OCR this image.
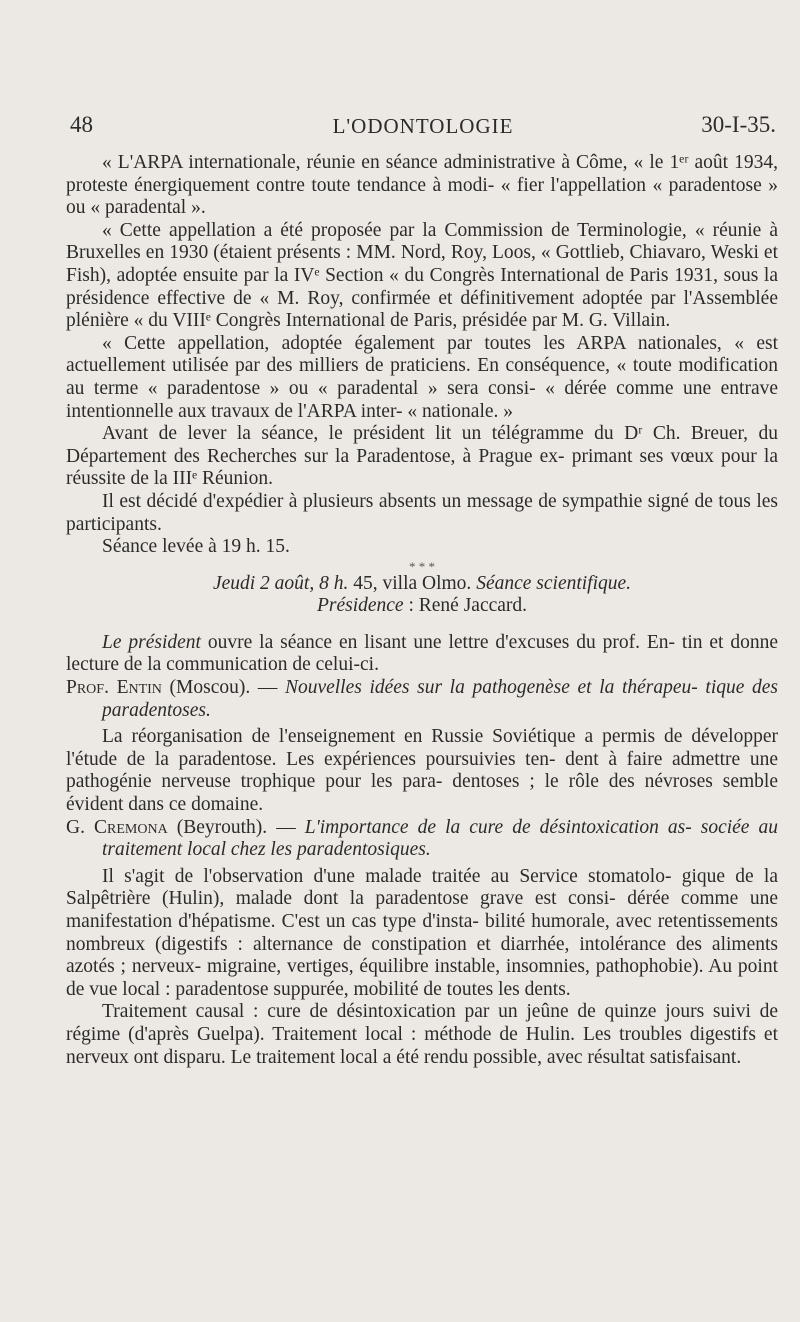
48	L'ODONTOLOGIE	30-I-35.

« L'ARPA internationale, réunie en séance administrative à Côme, « le 1ᵉʳ août 1934, proteste énergiquement contre toute tendance à modi- « fier l'appellation « paradentose » ou « paradental ».

« Cette appellation a été proposée par la Commission de Terminologie, « réunie à Bruxelles en 1930 (étaient présents : MM. Nord, Roy, Loos, « Gottlieb, Chiavaro, Weski et Fish), adoptée ensuite par la IVᵉ Section « du Congrès International de Paris 1931, sous la présidence effective de « M. Roy, confirmée et définitivement adoptée par l'Assemblée plénière « du VIIIᵉ Congrès International de Paris, présidée par M. G. Villain.

« Cette appellation, adoptée également par toutes les ARPA nationales, « est actuellement utilisée par des milliers de praticiens. En conséquence, « toute modification au terme « paradentose » ou « paradental » sera consi- « dérée comme une entrave intentionnelle aux travaux de l'ARPA inter- « nationale. »

Avant de lever la séance, le président lit un télégramme du Dʳ Ch. Breuer, du Département des Recherches sur la Paradentose, à Prague ex- primant ses vœux pour la réussite de la IIIᵉ Réunion.

Il est décidé d'expédier à plusieurs absents un message de sympathie signé de tous les participants.

Séance levée à 19 h. 15.

* * *

Jeudi 2 août, 8 h. 45, villa Olmo. Séance scientifique.

Présidence : René Jaccard.

Le président ouvre la séance en lisant une lettre d'excuses du prof. En- tin et donne lecture de la communication de celui-ci.

Prof. Entin (Moscou). — Nouvelles idées sur la pathogenèse et la thérapeu- tique des paradentoses.

La réorganisation de l'enseignement en Russie Soviétique a permis de développer l'étude de la paradentose. Les expériences poursuivies ten- dent à faire admettre une pathogénie nerveuse trophique pour les para- dentoses ; le rôle des névroses semble évident dans ce domaine.

G. Cremona (Beyrouth). — L'importance de la cure de désintoxication as- sociée au traitement local chez les paradentosiques.

Il s'agit de l'observation d'une malade traitée au Service stomatolo- gique de la Salpêtrière (Hulin), malade dont la paradentose grave est consi- dérée comme une manifestation d'hépatisme. C'est un cas type d'insta- bilité humorale, avec retentissements nombreux (digestifs : alternance de constipation et diarrhée, intolérance des aliments azotés ; nerveux- migraine, vertiges, équilibre instable, insomnies, pathophobie). Au point de vue local : paradentose suppurée, mobilité de toutes les dents.

Traitement causal : cure de désintoxication par un jeûne de quinze jours suivi de régime (d'après Guelpa). Traitement local : méthode de Hulin. Les troubles digestifs et nerveux ont disparu. Le traitement local a été rendu possible, avec résultat satisfaisant.
